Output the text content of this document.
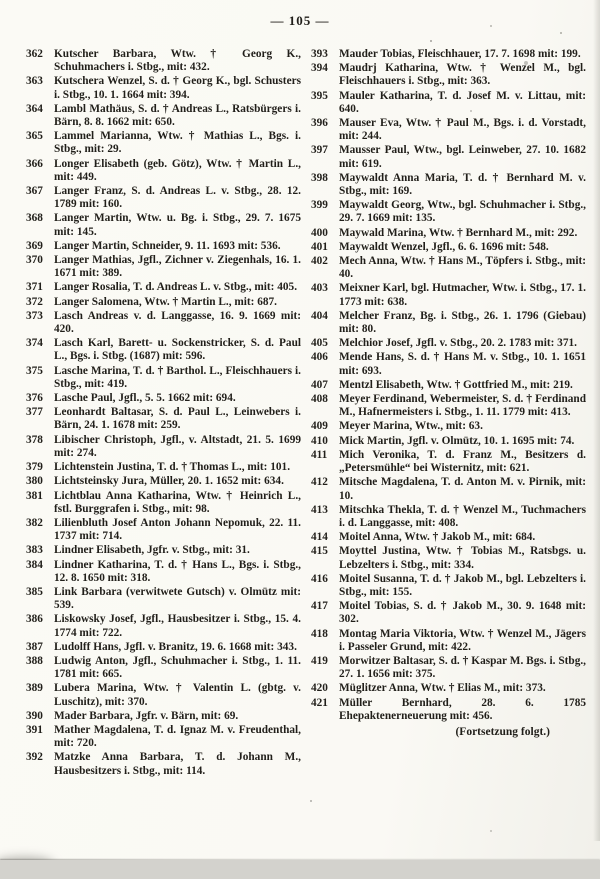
— 105 —
362 Kutscher Barbara, Wtw. † Georg K., Schuhmachers i. Stbg., mit: 432.
363 Kutschera Wenzel, S. d. † Georg K., bgl. Schusters i. Stbg., 10. 1. 1664 mit: 394.
364 Lambl Mathäus, S. d. † Andreas L., Ratsbürgers i. Bärn, 8. 8. 1662 mit: 650.
365 Lammel Marianna, Wtw. † Mathias L., Bgs. i. Stbg., mit: 29.
366 Longer Elisabeth (geb. Götz), Wtw. † Martin L., mit: 449.
367 Langer Franz, S. d. Andreas L. v. Stbg., 28. 12. 1789 mit: 160.
368 Langer Martin, Wtw. u. Bg. i. Stbg., 29. 7. 1675 mit: 145.
369 Langer Martin, Schneider, 9. 11. 1693 mit: 536.
370 Langer Mathias, Jgfl., Zichner v. Ziegenhals, 16. 1. 1671 mit: 389.
371 Langer Rosalia, T. d. Andreas L. v. Stbg., mit: 405.
372 Langer Salomena, Wtw. † Martin L., mit: 687.
373 Lasch Andreas v. d. Langgasse, 16. 9. 1669 mit: 420.
374 Lasch Karl, Barett- u. Sockenstricker, S. d. Paul L., Bgs. i. Stbg. (1687) mit: 596.
375 Lasche Marina, T. d. † Barthol. L., Fleischhauers i. Stbg., mit: 419.
376 Lasche Paul, Jgfl., 5. 5. 1662 mit: 694.
377 Leonhardt Baltasar, S. d. Paul L., Leinwebers i. Bärn, 24. 1. 1678 mit: 259.
378 Libischer Christoph, Jgfl., v. Altstadt, 21. 5. 1699 mit: 274.
379 Lichtenstein Justina, T. d. † Thomas L., mit: 101.
380 Lichtsteinsky Jura, Müller, 20. 1. 1652 mit: 634.
381 Lichtblau Anna Katharina, Wtw. † Heinrich L., fstl. Burggrafen i. Stbg., mit: 98.
382 Lilienbluth Josef Anton Johann Nepomuk, 22. 11. 1737 mit: 714.
383 Lindner Elisabeth, Jgfr. v. Stbg., mit: 31.
384 Lindner Katharina, T. d. † Hans L., Bgs. i. Stbg., 12. 8. 1650 mit: 318.
385 Link Barbara (verwitwete Gutsch) v. Olmütz mit: 539.
386 Liskowsky Josef, Jgfl., Hausbesitzer i. Stbg., 15. 4. 1774 mit: 722.
387 Ludolff Hans, Jgfl. v. Branitz, 19. 6. 1668 mit: 343.
388 Ludwig Anton, Jgfl., Schuhmacher i. Stbg., 1. 11. 1781 mit: 665.
389 Lubera Marina, Wtw. † Valentin L. (gbtg. v. Luschitz), mit: 370.
390 Mader Barbara, Jgfr. v. Bärn, mit: 69.
391 Mather Magdalena, T. d. Ignaz M. v. Freudenthal, mit: 720.
392 Matzke Anna Barbara, T. d. Johann M., Hausbesitzers i. Stbg., mit: 114.
393 Mauder Tobias, Fleischhauer, 17. 7. 1698 mit: 199.
394 Maudrj Katharina, Wtw. † Wenzel M., bgl. Fleischhauers i. Stbg., mit: 363.
395 Mauler Katharina, T. d. Josef M. v. Littau, mit: 640.
396 Mauser Eva, Wtw. † Paul M., Bgs. i. d. Vorstadt, mit: 244.
397 Mausser Paul, Wtw., bgl. Leinweber, 27. 10. 1682 mit: 619.
398 Maywaldt Anna Maria, T. d. † Bernhard M. v. Stbg., mit: 169.
399 Maywaldt Georg, Wtw., bgl. Schuhmacher i. Stbg., 29. 7. 1669 mit: 135.
400 Maywald Marina, Wtw. † Bernhard M., mit: 292.
401 Maywaldt Wenzel, Jgfl., 6. 6. 1696 mit: 548.
402 Mech Anna, Wtw. † Hans M., Töpfers i. Stbg., mit: 40.
403 Meixner Karl, bgl. Hutmacher, Wtw. i. Stbg., 17. 1. 1773 mit: 638.
404 Melcher Franz, Bg. i. Stbg., 26. 1. 1796 (Giebau) mit: 80.
405 Melchior Josef, Jgfl. v. Stbg., 20. 2. 1783 mit: 371.
406 Mende Hans, S. d. † Hans M. v. Stbg., 10. 1. 1651 mit: 693.
407 Mentzl Elisabeth, Wtw. † Gottfried M., mit: 219.
408 Meyer Ferdinand, Webermeister, S. d. † Ferdinand M., Hafnermeisters i. Stbg., 1. 11. 1779 mit: 413.
409 Meyer Marina, Wtw., mit: 63.
410 Mick Martin, Jgfl. v. Olmütz, 10. 1. 1695 mit: 74.
411	Mich Veronika, T. d. Franz M., Besitzers d. „Petersmühle“ bei Wisternitz, mit: 621.
412 Mitsche Magdalena, T. d. Anton M. v. Pirnik, mit: 10.
413 Mitschka Thekla, T. d. † Wenzel M., Tuchmachers i. d. Langgasse, mit: 408.
414 Moitel Anna, Wtw. † Jakob M., mit: 684.
415 Moyttel Justina, Wtw. † Tobias M., Ratsbgs. u. Lebzelters i. Stbg., mit: 334.
416 Moitel Susanna, T. d. † Jakob M., bgl. Lebzelters i. Stbg., mit: 155.
417 Moitel Tobias, S. d. † Jakob M., 30. 9. 1648 mit: 302.
418 Montag Maria Viktoria, Wtw. † Wenzel M., Jägers i. Passeler Grund, mit: 422.
419 Morwitzer Baltasar, S. d. † Kaspar M. Bgs. i. Stbg., 27. 1. 1656 mit: 375.
420 Müglitzer Anna, Wtw. † Elias M., mit: 373.
421 Müller Bernhard, 28. 6. 1785 Ehepaktenerneuerung mit: 456.
(Fortsetzung folgt.)
